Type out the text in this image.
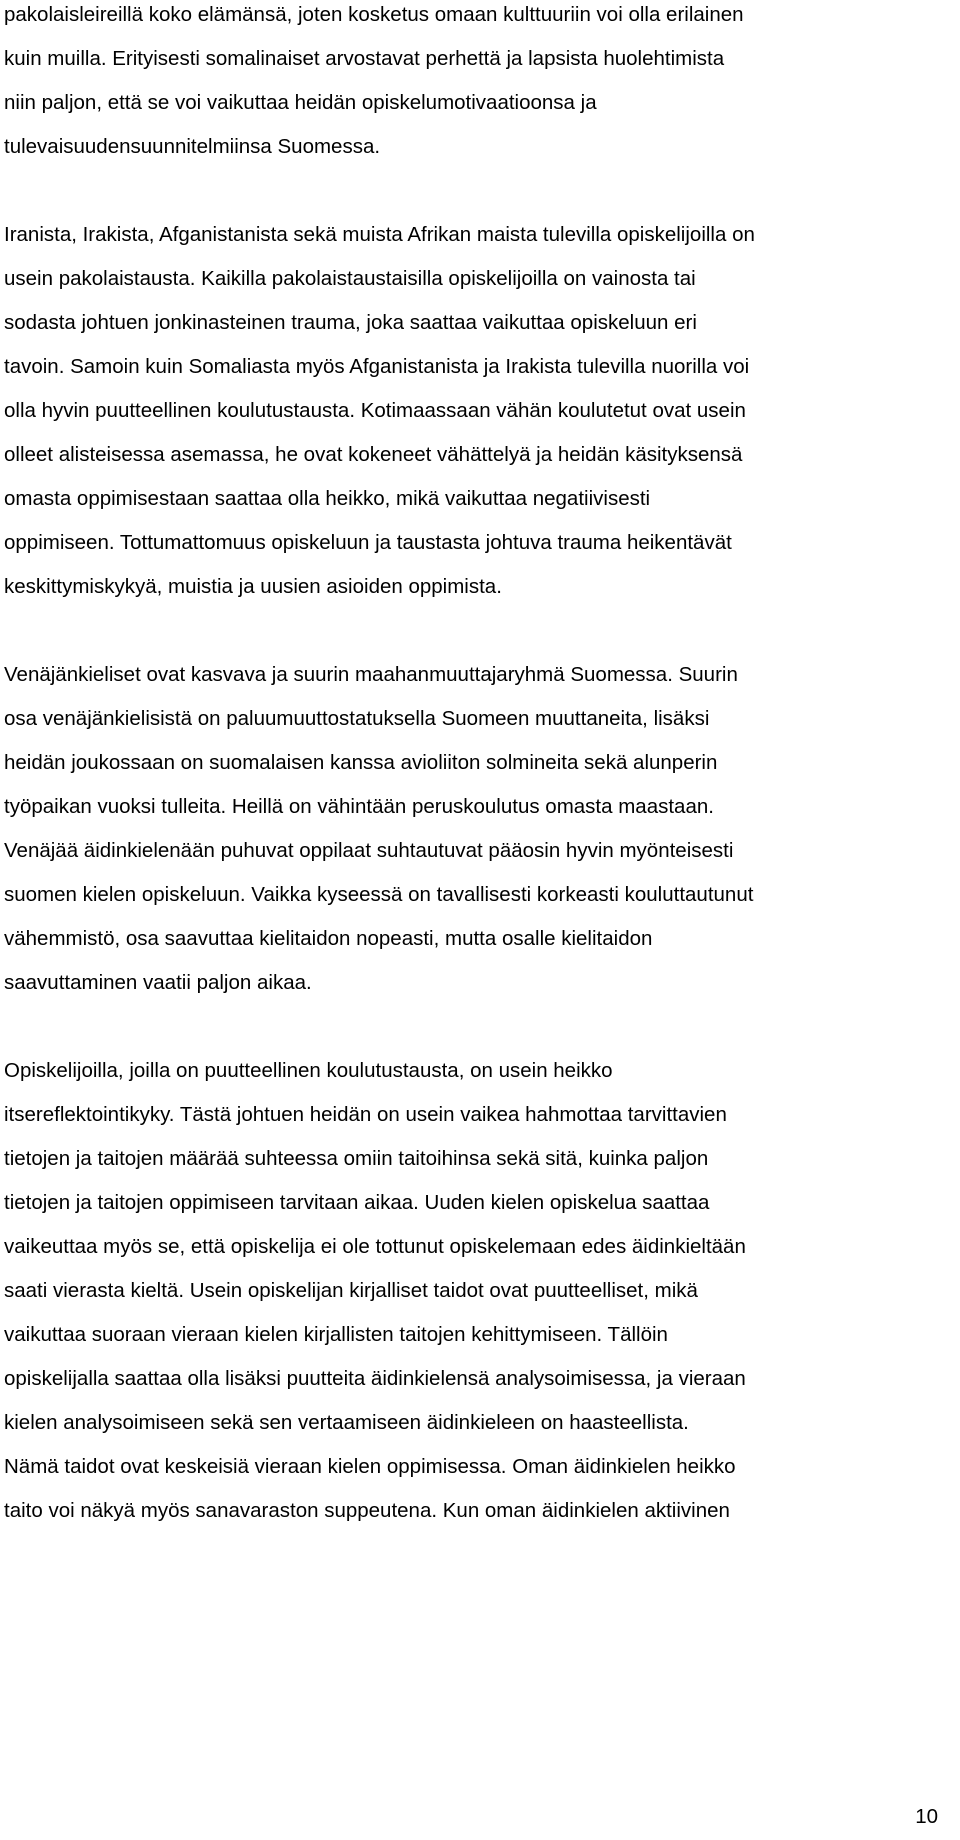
pakolaisleireillä koko elämänsä, joten kosketus omaan kulttuuriin voi olla erilainen
kuin muilla. Erityisesti somalinaiset arvostavat perhettä ja lapsista huolehtimista
niin paljon, että se voi vaikuttaa heidän opiskelumotivaatioonsa ja
tulevaisuudensuunnitelmiinsa Suomessa.
Iranista, Irakista, Afganistanista sekä muista Afrikan maista tulevilla opiskelijoilla on
usein pakolaistausta. Kaikilla pakolaistaustaisilla opiskelijoilla on vainosta tai
sodasta johtuen jonkinasteinen trauma, joka saattaa vaikuttaa opiskeluun eri
tavoin. Samoin kuin Somaliasta myös Afganistanista ja Irakista tulevilla nuorilla voi
olla hyvin puutteellinen koulutustausta. Kotimaassaan vähän koulutetut ovat usein
olleet alisteisessa asemassa, he ovat kokeneet vähättelyä ja heidän käsityksensä
omasta oppimisestaan saattaa olla heikko, mikä vaikuttaa negatiivisesti
oppimiseen. Tottumattomuus opiskeluun ja taustasta johtuva trauma heikentävät
keskittymiskykyä, muistia ja uusien asioiden oppimista.
Venäjänkieliset ovat kasvava ja suurin maahanmuuttajaryhmä Suomessa. Suurin
osa venäjänkielisistä on paluumuuttostatuksella Suomeen muuttaneita, lisäksi
heidän joukossaan on suomalaisen kanssa avioliiton solmineita sekä alunperin
työpaikan vuoksi tulleita. Heillä on vähintään peruskoulutus omasta maastaan.
Venäjää äidinkielenään puhuvat oppilaat suhtautuvat pääosin hyvin myönteisesti
suomen kielen opiskeluun. Vaikka kyseessä on tavallisesti korkeasti kouluttautunut
vähemmistö, osa saavuttaa kielitaidon nopeasti, mutta osalle kielitaidon
saavuttaminen vaatii paljon aikaa.
Opiskelijoilla, joilla on puutteellinen koulutustausta, on usein heikko
itsereflektointikyky. Tästä johtuen heidän on usein vaikea hahmottaa tarvittavien
tietojen ja taitojen määrää suhteessa omiin taitoihinsa sekä sitä, kuinka paljon
tietojen ja taitojen oppimiseen tarvitaan aikaa. Uuden kielen opiskelua saattaa
vaikeuttaa myös se, että opiskelija ei ole tottunut opiskelemaan edes äidinkieltään
saati vierasta kieltä. Usein opiskelijan kirjalliset taidot ovat puutteelliset, mikä
vaikuttaa suoraan vieraan kielen kirjallisten taitojen kehittymiseen. Tällöin
opiskelijalla saattaa olla lisäksi puutteita äidinkielensä analysoimisessa, ja vieraan
kielen analysoimiseen sekä sen vertaamiseen äidinkieleen on haasteellista.
Nämä taidot ovat keskeisiä vieraan kielen oppimisessa. Oman äidinkielen heikko
taito voi näkyä myös sanavaraston suppeutena. Kun oman äidinkielen aktiivinen
10
